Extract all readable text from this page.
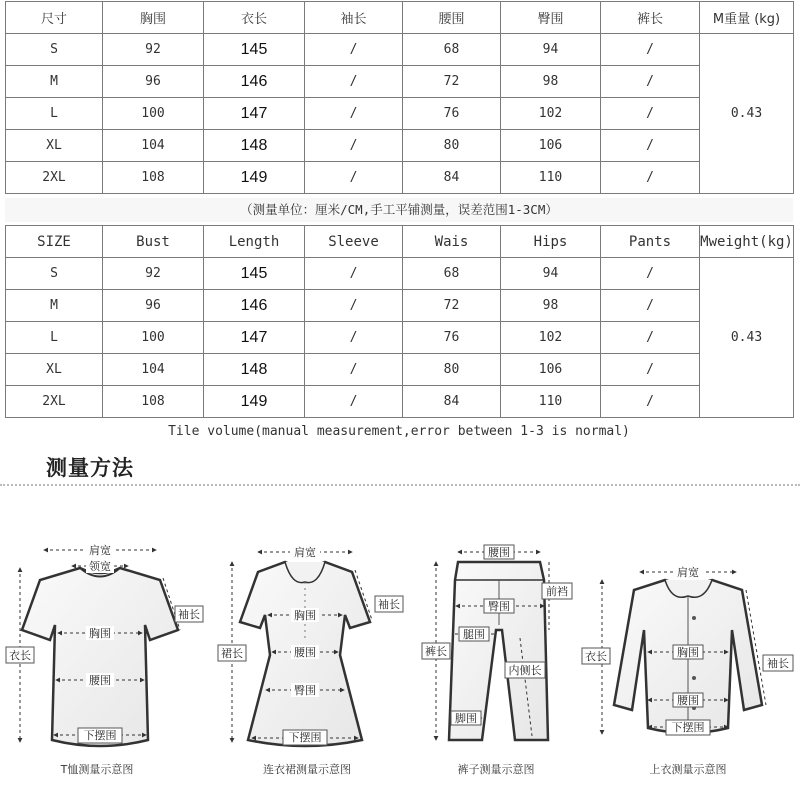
尺寸	胸围	衣长	袖长	腰围	臀围	裤长	M重量 (kg)
S	92	145	/	68	94	/	0.43
M	96	146	/	72	98	/	
L	100	147	/	76	102	/	
XL	104	148	/	80	106	/	
2XL	108	149	/	84	110	/	
（测量单位：厘米/CM,手工平铺测量，误差范围1-3CM）
SIZE	Bust	Length	Sleeve	Wais	Hips	Pants	Mweight(kg)
S	92	145	/	68	94	/	0.43
M	96	146	/	72	98	/	
L	100	147	/	76	102	/	
XL	104	148	/	80	106	/	
2XL	108	149	/	84	110	/	
Tile volume(manual measurement,error between 1-3 is normal)
测量方法
肩宽
领宽
袖长
胸围
衣长
腰围
下摆围
T恤测量示意图
肩宽
袖长
胸围
腰围
裙长
臀围
下摆围
连衣裙测量示意图
腰围
前裆
臀围
腿围
裤长
内侧长
脚围
裤子测量示意图
肩宽
衣长	胸围
袖长
腰围
下摆围
上衣测量示意图
